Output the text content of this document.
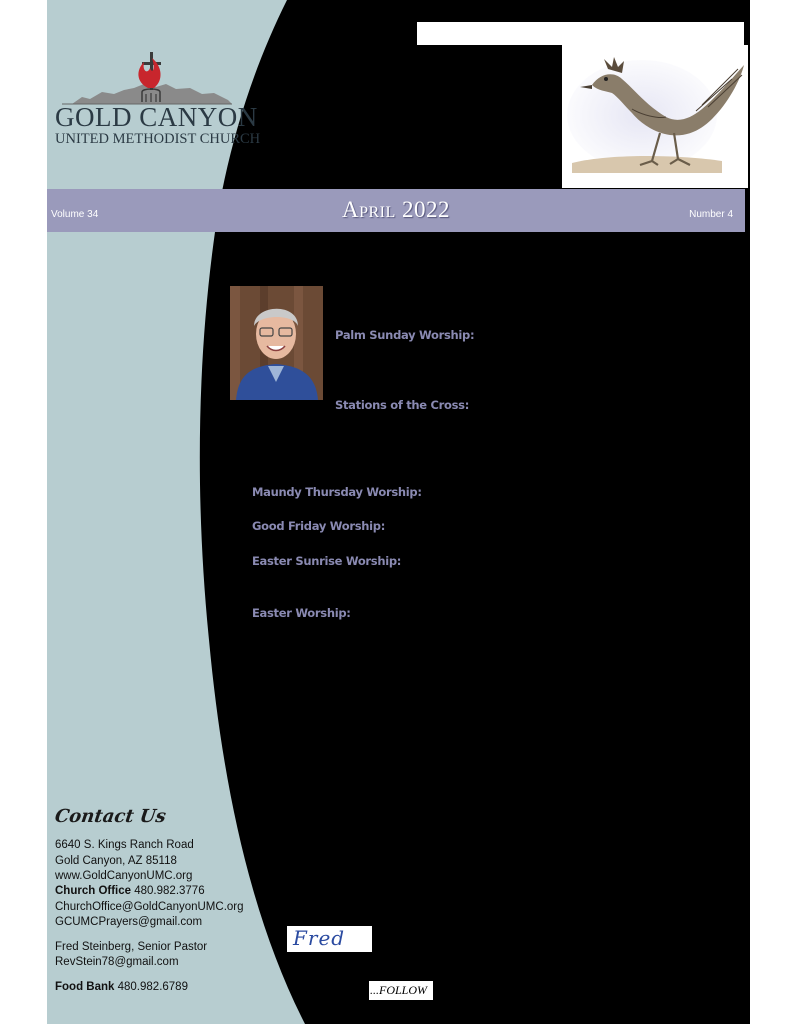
GOLD CANYON
UNITED METHODIST CHURCH
Volume 34	April 2022	Number 4
Palm Sunday Worship:
Stations of the Cross:
Maundy Thursday Worship:
Good Friday Worship:
Easter Sunrise Worship:
Easter Worship:
Contact Us
6640 S. Kings Ranch Road
Gold Canyon, AZ 85118
www.GoldCanyonUMC.org
Church Office 480.982.3776
ChurchOffice@GoldCanyonUMC.org
GCUMCPrayers@gmail.com
Fred Steinberg, Senior Pastor
RevStein78@gmail.com
Food Bank 480.982.6789
Fred
...FOLLOW
